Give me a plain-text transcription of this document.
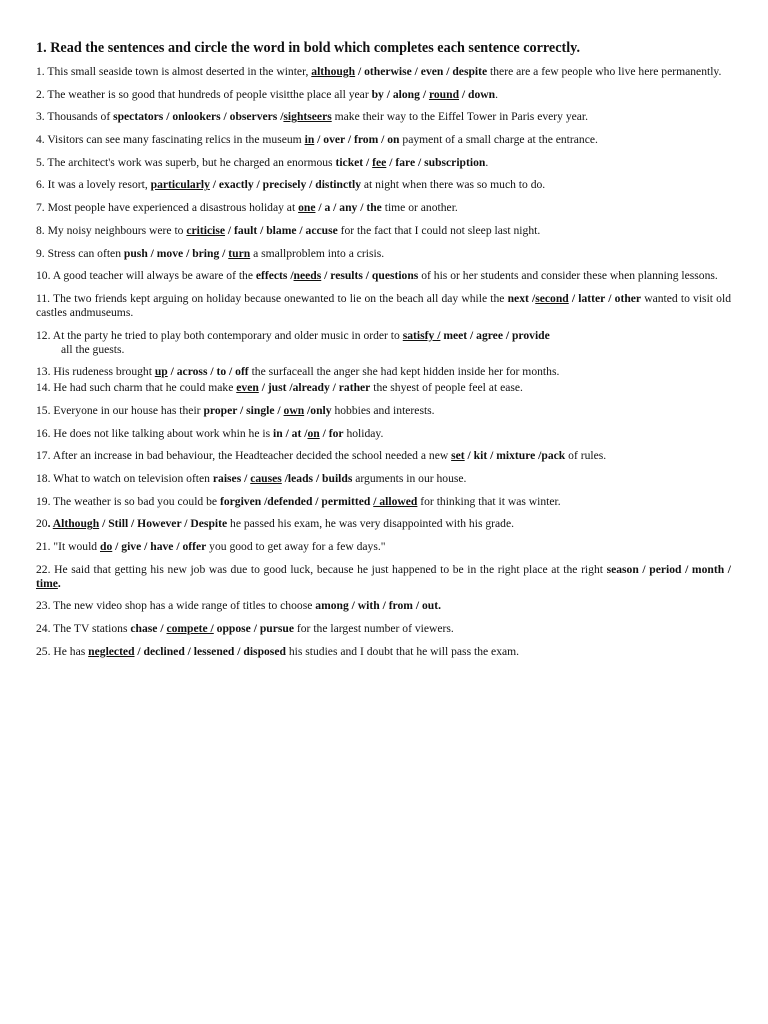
1. Read the sentences and circle the word in bold which completes each sentence correctly.
1. This small seaside town is almost deserted in the winter, although / otherwise / even / despite there are a few people who live here permanently.
2. The weather is so good that hundreds of people visitthe place all year by / along / round / down.
3. Thousands of spectators / onlookers / observers /sightseers make their way to the Eiffel Tower in Paris every year.
4. Visitors can see many fascinating relics in the museum in / over / from / on payment of a small charge at the entrance.
5. The architect's work was superb, but he charged an enormous ticket / fee / fare / subscription.
6. It was a lovely resort, particularly / exactly / precisely / distinctly at night when there was so much to do.
7. Most people have experienced a disastrous holiday at one / a / any / the time or another.
8. My noisy neighbours were to criticise / fault / blame / accuse for the fact that I could not sleep last night.
9. Stress can often push / move / bring / turn a smallproblem into a crisis.
10. A good teacher will always be aware of the effects /needs / results / questions of his or her students and consider these when planning lessons.
11. The two friends kept arguing on holiday because onewanted to lie on the beach all day while the next /second / latter / other wanted to visit old castles andmuseums.
12. At the party he tried to play both contemporary and older music in order to satisfy / meet / agree / provide
all the guests.
13. His rudeness brought up / across / to / off the surfaceall the anger she had kept hidden inside her for months.
14. He had such charm that he could make even / just /already / rather the shyest of people feel at ease.
15. Everyone in our house has their proper / single / own /only hobbies and interests.
16. He does not like talking about work whin he is in / at /on / for holiday.
17. After an increase in bad behaviour, the Headteacher decided the school needed a new set / kit / mixture /pack of rules.
18. What to watch on television often raises / causes /leads / builds arguments in our house.
19. The weather is so bad you could be forgiven /defended / permitted / allowed for thinking that it was winter.
20. Although / Still / However / Despite he passed his exam, he was very disappointed with his grade.
21. "It would do / give / have / offer you good to get away for a few days."
22. He said that getting his new job was due to good luck, because he just happened to be in the right place at the right season / period / month / time.
23. The new video shop has a wide range of titles to choose among / with / from / out.
24. The TV stations chase / compete / oppose / pursue for the largest number of viewers.
25. He has neglected / declined / lessened / disposed his studies and I doubt that he will pass the exam.
